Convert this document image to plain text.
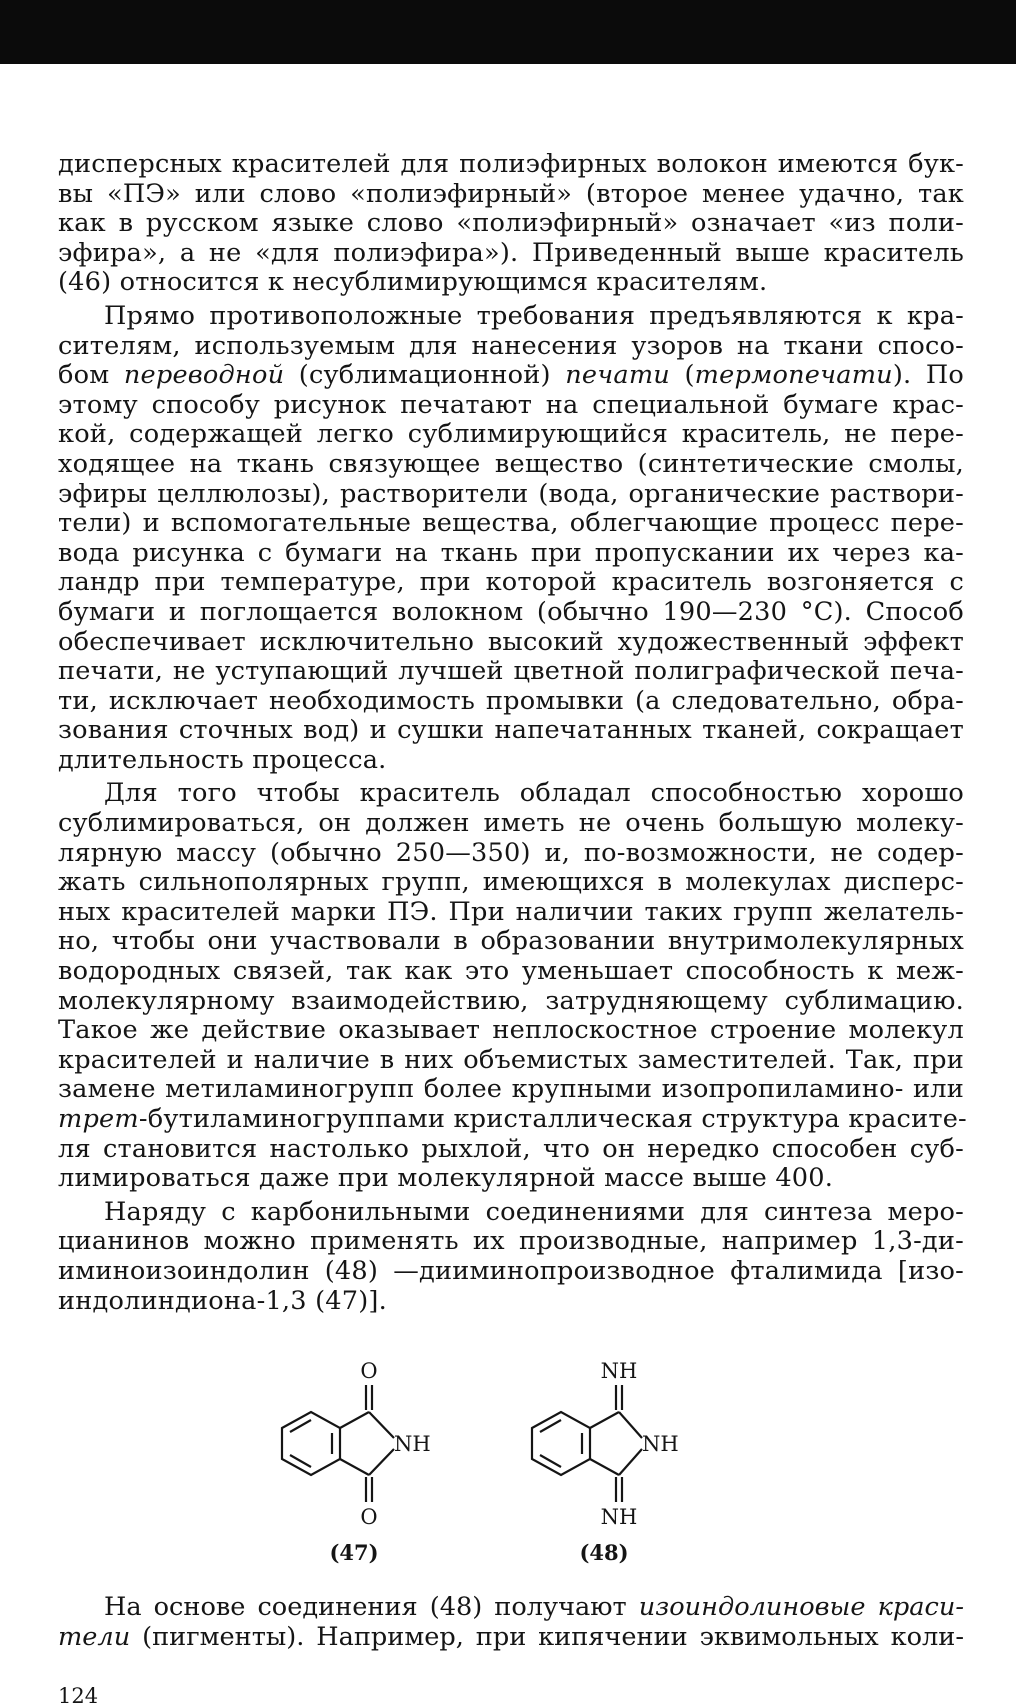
дисперсных красителей для полиэфирных волокон имеются бук-
вы «ПЭ» или слово «полиэфирный» (второе менее удачно, так
как в русском языке слово «полиэфирный» означает «из поли-
эфира», а не «для полиэфира»). Приведенный выше краситель
(46) относится к несублимирующимся красителям.
Прямо противоположные требования предъявляются к кра-
сителям, используемым для нанесения узоров на ткани спосо-
бом переводной (сублимационной) печати (термопечати). По
этому способу рисунок печатают на специальной бумаге крас-
кой, содержащей легко сублимирующийся краситель, не пере-
ходящее на ткань связующее вещество (синтетические смолы,
эфиры целлюлозы), растворители (вода, органические раствори-
тели) и вспомогательные вещества, облегчающие процесс пере-
вода рисунка с бумаги на ткань при пропускании их через ка-
ландр при температуре, при которой краситель возгоняется с
бумаги и поглощается волокном (обычно 190—230 °С). Способ
обеспечивает исключительно высокий художественный эффект
печати, не уступающий лучшей цветной полиграфической печа-
ти, исключает необходимость промывки (а следовательно, обра-
зования сточных вод) и сушки напечатанных тканей, сокращает
длительность процесса.
Для того чтобы краситель обладал способностью хорошо
сублимироваться, он должен иметь не очень большую молеку-
лярную массу (обычно 250—350) и, по-возможности, не содер-
жать сильнополярных групп, имеющихся в молекулах дисперс-
ных красителей марки ПЭ. При наличии таких групп желатель-
но, чтобы они участвовали в образовании внутримолекулярных
водородных связей, так как это уменьшает способность к меж-
молекулярному взаимодействию, затрудняющему сублимацию.
Такое же действие оказывает неплоскостное строение молекул
красителей и наличие в них объемистых заместителей. Так, при
замене метиламиногрупп более крупными изопропиламино- или
трет-бутиламиногруппами кристаллическая структура красите-
ля становится настолько рыхлой, что он нередко способен суб-
лимироваться даже при молекулярной массе выше 400.
Наряду с карбонильными соединениями для синтеза меро-
цианинов можно применять их производные, например 1,3-ди-
иминоизоиндолин (48) —дииминопроизводное фталимида [изо-
индолиндиона-1,3 (47)].
O
NH
O
(47)
NH
NH
NH
(48)
На основе соединения (48) получают изоиндолиновые краси-
тели (пигменты). Например, при кипячении эквимольных коли-
124
